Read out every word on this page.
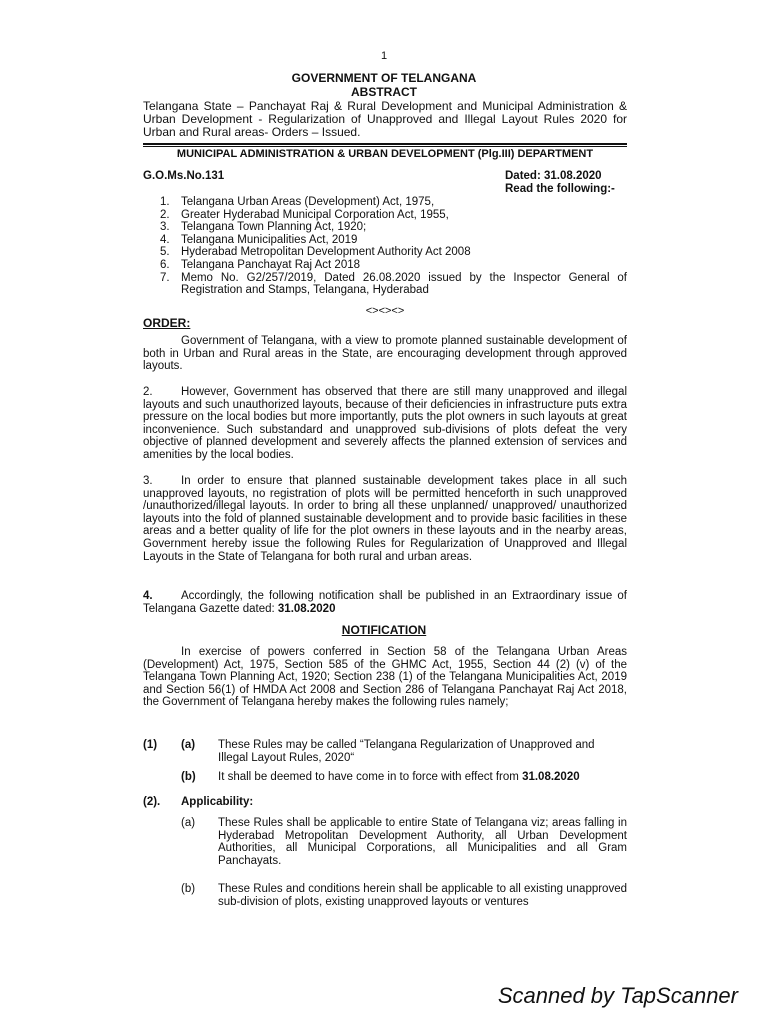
1
GOVERNMENT OF TELANGANA
ABSTRACT
Telangana State – Panchayat Raj & Rural Development and Municipal Administration & Urban Development - Regularization of Unapproved and Illegal Layout Rules 2020 for Urban and Rural areas- Orders – Issued.
MUNICIPAL ADMINISTRATION & URBAN DEVELOPMENT (Plg.III) DEPARTMENT
G.O.Ms.No.131	Dated: 31.08.2020
Read the following:-
1. Telangana Urban Areas (Development) Act, 1975,
2. Greater Hyderabad Municipal Corporation Act, 1955,
3. Telangana Town Planning Act, 1920;
4. Telangana Municipalities Act, 2019
5. Hyderabad Metropolitan Development Authority Act 2008
6. Telangana Panchayat Raj Act 2018
7. Memo No. G2/257/2019, Dated 26.08.2020 issued by the Inspector General of Registration and Stamps, Telangana, Hyderabad
<><><>
ORDER:
Government of Telangana, with a view to promote planned sustainable development of both in Urban and Rural areas in the State, are encouraging development through approved layouts.
2. However, Government has observed that there are still many unapproved and illegal layouts and such unauthorized layouts, because of their deficiencies in infrastructure puts extra pressure on the local bodies but more importantly, puts the plot owners in such layouts at great inconvenience. Such substandard and unapproved sub-divisions of plots defeat the very objective of planned development and severely affects the planned extension of services and amenities by the local bodies.
3. In order to ensure that planned sustainable development takes place in all such unapproved layouts, no registration of plots will be permitted henceforth in such unapproved /unauthorized/illegal layouts. In order to bring all these unplanned/ unapproved/ unauthorized layouts into the fold of planned sustainable development and to provide basic facilities in these areas and a better quality of life for the plot owners in these layouts and in the nearby areas, Government hereby issue the following Rules for Regularization of Unapproved and Illegal Layouts in the State of Telangana for both rural and urban areas.
4. Accordingly, the following notification shall be published in an Extraordinary issue of Telangana Gazette dated: 31.08.2020
NOTIFICATION
In exercise of powers conferred in Section 58 of the Telangana Urban Areas (Development) Act, 1975, Section 585 of the GHMC Act, 1955, Section 44 (2) (v) of the Telangana Town Planning Act, 1920; Section 238 (1) of the Telangana Municipalities Act, 2019 and Section 56(1) of HMDA Act 2008 and Section 286 of Telangana Panchayat Raj Act 2018, the Government of Telangana hereby makes the following rules namely;
(1) (a) These Rules may be called “Telangana Regularization of Unapproved and Illegal Layout Rules, 2020“
(b) It shall be deemed to have come in to force with effect from 31.08.2020
(2). Applicability:
(a) These Rules shall be applicable to entire State of Telangana viz; areas falling in Hyderabad Metropolitan Development Authority, all Urban Development Authorities, all Municipal Corporations, all Municipalities and all Gram Panchayats.
(b) These Rules and conditions herein shall be applicable to all existing unapproved sub-division of plots, existing unapproved layouts or ventures
Scanned by TapScanner
